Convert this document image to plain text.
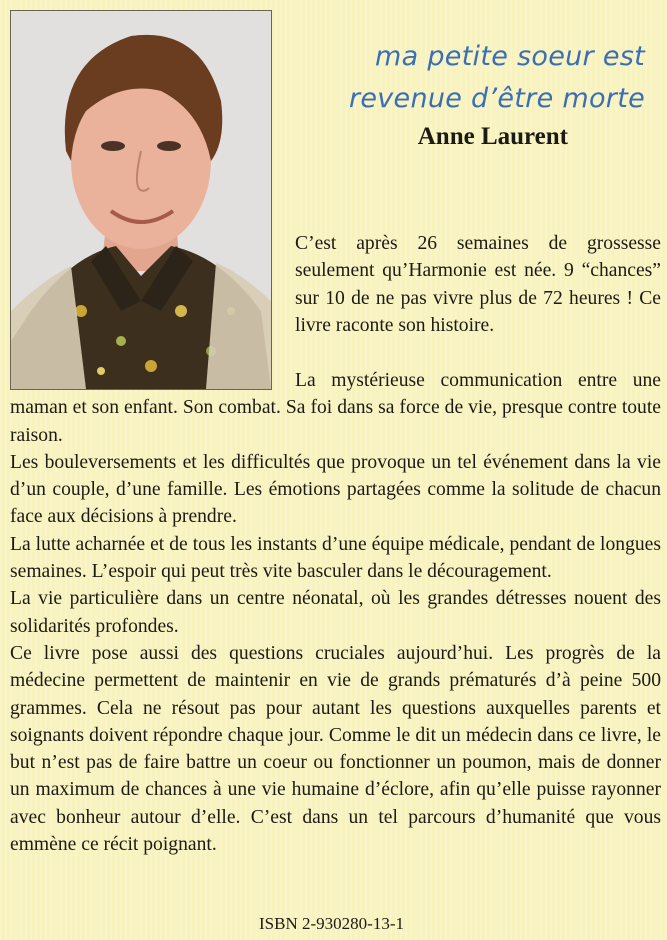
ma petite soeur est
revenue d’être morte
Anne Laurent

C’est après 26 semaines de grossesse seulement qu’Harmonie est née. 9 “chances” sur 10 de ne pas vivre plus de 72 heures ! Ce livre raconte son histoire.

La mystérieuse communication entre une maman et son enfant. Son combat. Sa foi dans sa force de vie, presque contre toute raison.

Les bouleversements et les difficultés que provoque un tel événement dans la vie d’un couple, d’une famille. Les émotions partagées comme la solitude de chacun face aux décisions à prendre.

La lutte acharnée et de tous les instants d’une équipe médicale, pendant de longues semaines. L’espoir qui peut très vite basculer dans le découragement.

La vie particulière dans un centre néonatal, où les grandes détresses nouent des solidarités profondes.

Ce livre pose aussi des questions cruciales aujourd’hui. Les progrès de la médecine permettent de maintenir en vie de grands prématurés d’à peine 500 grammes. Cela ne résout pas pour autant les questions auxquelles parents et soignants doivent répondre chaque jour. Comme le dit un médecin dans ce livre, le but n’est pas de faire battre un coeur ou fonctionner un poumon, mais de donner un maximum de chances à une vie humaine d’éclore, afin qu’elle puisse rayonner avec bonheur autour d’elle. C’est dans un tel parcours d’humanité que vous emmène ce récit poignant.

ISBN 2-930280-13-1
